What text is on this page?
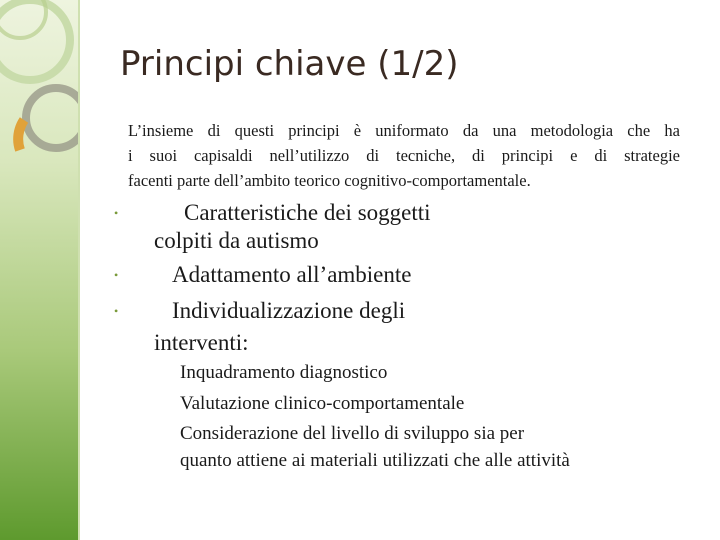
Principi chiave (1/2)
L’insieme di questi principi è uniformato da una metodologia che ha
i suoi capisaldi nell’utilizzo di tecniche, di principi e di strategie
facenti parte dell’ambito teorico cognitivo-comportamentale.
•	Caratteristiche dei soggetti
colpiti da autismo
• Adattamento all’ambiente
• Individualizzazione degli
interventi:
Inquadramento diagnostico
Valutazione clinico-comportamentale
Considerazione del livello di sviluppo sia per
quanto attiene ai materiali utilizzati che alle attività
